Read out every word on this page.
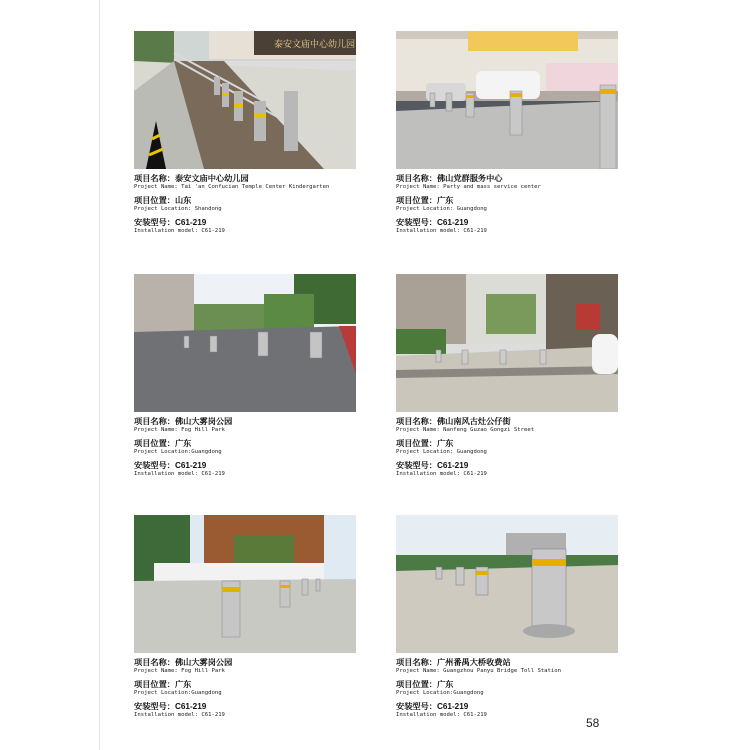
泰安文庙中心幼儿园
项目名称：泰安文庙中心幼儿园
Project Name: Tai 'an Confucian Temple Center Kindergarten
项目位置：山东
Project Location: Shandong
安装型号：C61-219
Installation model: C61-219
项目名称：佛山党群服务中心
Project Name: Party and mass service center
项目位置：广东
Project Location: Guangdong
安装型号：C61-219
Installation model: C61-219
项目名称：佛山大雾岗公园
Project Name: Fog Hill Park
项目位置：广东
Project Location:Guangdong
安装型号：C61-219
Installation model: C61-219
项目名称：佛山南风古灶公仔街
Project Name: Nanfeng Guzao Gongzi Street
项目位置：广东
Project Location: Guangdong
安装型号：C61-219
Installation model: C61-219
项目名称：佛山大雾岗公园
Project Name: Fog Hill Park
项目位置：广东
Project Location:Guangdong
安装型号：C61-219
Installation model: C61-219
项目名称：广州番禺大桥收费站
Project Name: Guangzhou Panyu Bridge Toll Station
项目位置：广东
Project Location:Guangdong
安装型号：C61-219
Installation model: C61-219
58
